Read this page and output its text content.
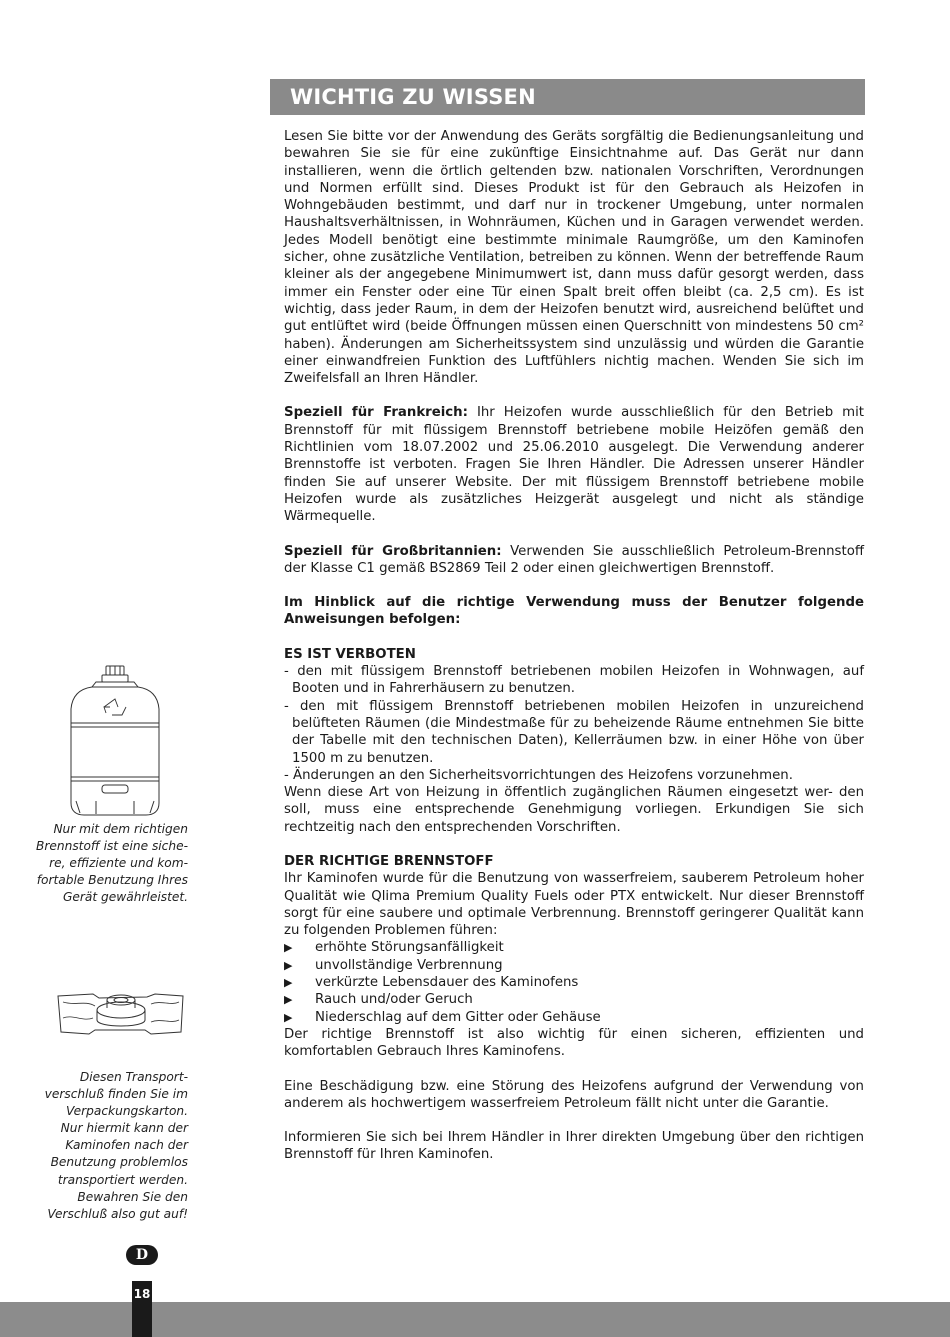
WICHTIG ZU WISSEN

Lesen Sie bitte vor der Anwendung des Geräts sorgfältig die Bedienungsanleitung und bewahren Sie sie für eine zukünftige Einsichtnahme auf. Das Gerät nur dann installieren, wenn die örtlich geltenden bzw. nationalen Vorschriften, Verordnungen und Normen erfüllt sind. Dieses Produkt ist für den Gebrauch als Heizofen in Wohngebäuden bestimmt, und darf nur in trockener Umgebung, unter normalen Haushaltsverhältnissen, in Wohnräumen, Küchen und in Garagen verwendet werden. Jedes Modell benötigt eine bestimmte minimale Raumgröße, um den Kaminofen sicher, ohne zusätzliche Ventilation, betreiben zu können. Wenn der betreffende Raum kleiner als der angegebene Minimumwert ist, dann muss dafür gesorgt werden, dass immer ein Fenster oder eine Tür einen Spalt breit offen bleibt (ca. 2,5 cm). Es ist wichtig, dass jeder Raum, in dem der Heizofen benutzt wird, ausreichend belüftet und gut entlüftet wird (beide Öffnungen müssen einen Querschnitt von mindestens 50 cm² haben). Änderungen am Sicherheitssystem sind unzulässig und würden die Garantie einer einwandfreien Funktion des Luftfühlers nichtig machen. Wenden Sie sich im Zweifelsfall an Ihren Händler.

Speziell für Frankreich: Ihr Heizofen wurde ausschließlich für den Betrieb mit Brennstoff für mit flüssigem Brennstoff betriebene mobile Heizöfen gemäß den Richtlinien vom 18.07.2002 und 25.06.2010 ausgelegt. Die Verwendung anderer Brennstoffe ist verboten. Fragen Sie Ihren Händler. Die Adressen unserer Händler finden Sie auf unserer Website. Der mit flüssigem Brennstoff betriebene mobile Heizofen wurde als zusätzliches Heizgerät ausgelegt und nicht als ständige Wärmequelle.

Speziell für Großbritannien: Verwenden Sie ausschließlich Petroleum-Brennstoff der Klasse C1 gemäß BS2869 Teil 2 oder einen gleichwertigen Brennstoff.

Im Hinblick auf die richtige Verwendung muss der Benutzer folgende Anweisungen befolgen:

ES IST VERBOTEN

- den mit flüssigem Brennstoff betriebenen mobilen Heizofen in Wohnwagen, auf Booten und in Fahrerhäusern zu benutzen.

- den mit flüssigem Brennstoff betriebenen mobilen Heizofen in unzureichend belüfteten Räumen (die Mindestmaße für zu beheizende Räume entnehmen Sie bitte der Tabelle mit den technischen Daten), Kellerräumen bzw. in einer Höhe von über 1500 m zu benutzen.

- Änderungen an den Sicherheitsvorrichtungen des Heizofens vorzunehmen.

Wenn diese Art von Heizung in öffentlich zugänglichen Räumen eingesetzt wer- den soll, muss eine entsprechende Genehmigung vorliegen. Erkundigen Sie sich rechtzeitig nach den entsprechenden Vorschriften.

DER RICHTIGE BRENNSTOFF

Ihr Kaminofen wurde für die Benutzung von wasserfreiem, sauberem Petroleum hoher Qualität wie Qlima Premium Quality Fuels oder PTX entwickelt. Nur dieser Brennstoff sorgt für eine saubere und optimale Verbrennung. Brennstoff geringerer Qualität kann zu folgenden Problemen führen:

▶	erhöhte Störungsanfälligkeit
▶	unvollständige Verbrennung
▶	verkürzte Lebensdauer des Kaminofens
▶	Rauch und/oder Geruch
▶	Niederschlag auf dem Gitter oder Gehäuse

Der richtige Brennstoff ist also wichtig für einen sicheren, effizienten und komfortablen Gebrauch Ihres Kaminofens.

Eine Beschädigung bzw. eine Störung des Heizofens aufgrund der Verwendung von anderem als hochwertigem wasserfreiem Petroleum fällt nicht unter die Garantie.

Informieren Sie sich bei Ihrem Händler in Ihrer direkten Umgebung über den richtigen Brennstoff für Ihren Kaminofen.

Nur mit dem richtigen
Brennstoff ist eine siche-
re, effiziente und kom-
fortable Benutzung Ihres
Gerät gewährleistet.
Diesen Transport-
verschluß finden Sie im
Verpackungskarton.
Nur hiermit kann der
Kaminofen nach der
Benutzung problemlos
transportiert werden.
Bewahren Sie den
Verschluß also gut auf!
D
18
